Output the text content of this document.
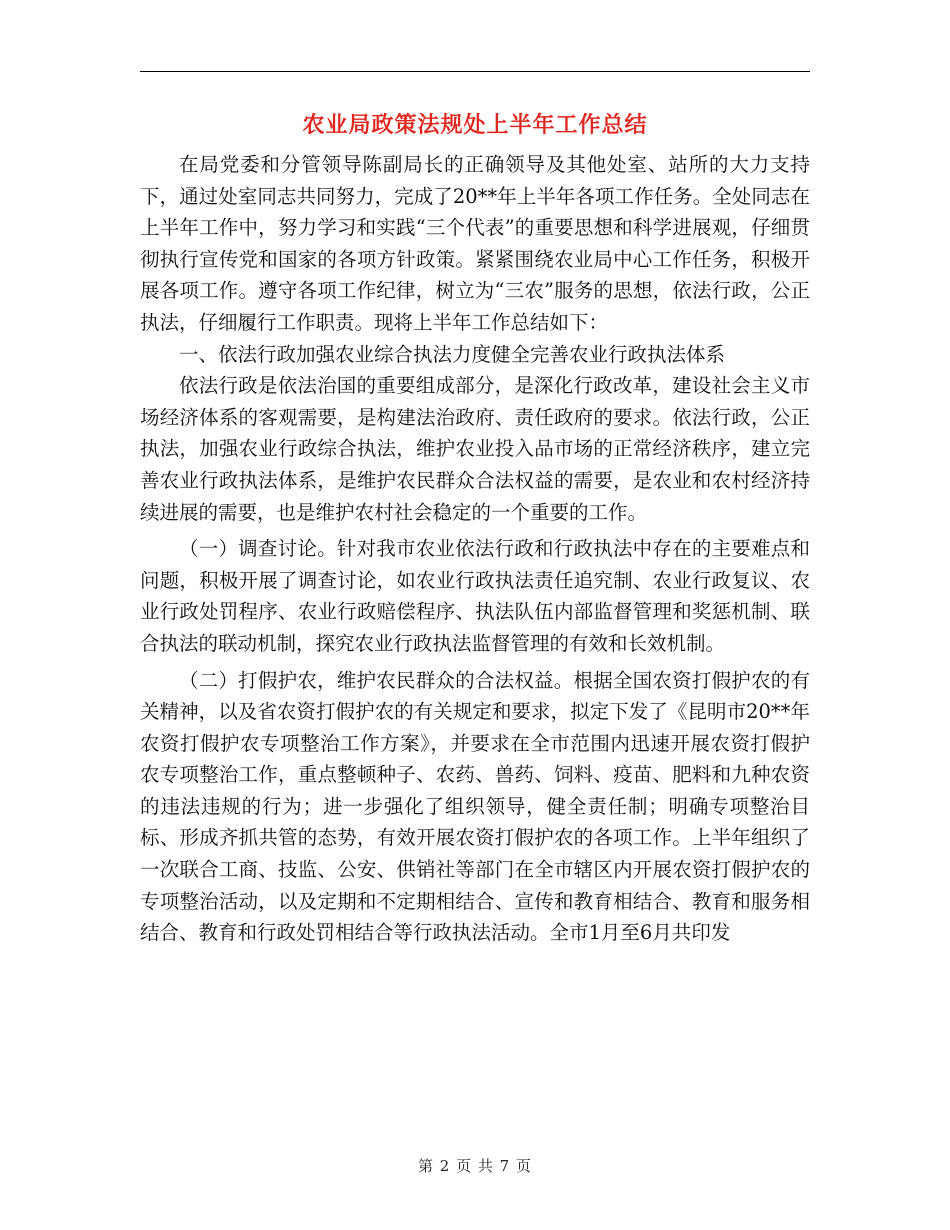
农业局政策法规处上半年工作总结

在局党委和分管领导陈副局长的正确领导及其他处室、站所的大力支持下，通过处室同志共同努力，完成了20**年上半年各项工作任务。全处同志在上半年工作中，努力学习和实践“三个代表”的重要思想和科学进展观，仔细贯彻执行宣传党和国家的各项方针政策。紧紧围绕农业局中心工作任务，积极开展各项工作。遵守各项工作纪律，树立为“三农”服务的思想，依法行政，公正执法，仔细履行工作职责。现将上半年工作总结如下：

一、依法行政加强农业综合执法力度健全完善农业行政执法体系

依法行政是依法治国的重要组成部分，是深化行政改革，建设社会主义市场经济体系的客观需要，是构建法治政府、责任政府的要求。依法行政，公正执法，加强农业行政综合执法，维护农业投入品市场的正常经济秩序，建立完善农业行政执法体系，是维护农民群众合法权益的需要，是农业和农村经济持续进展的需要，也是维护农村社会稳定的一个重要的工作。

（一）调查讨论。针对我市农业依法行政和行政执法中存在的主要难点和问题，积极开展了调查讨论，如农业行政执法责任追究制、农业行政复议、农业行政处罚程序、农业行政赔偿程序、执法队伍内部监督管理和奖惩机制、联合执法的联动机制，探究农业行政执法监督管理的有效和长效机制。

（二）打假护农，维护农民群众的合法权益。根据全国农资打假护农的有关精神，以及省农资打假护农的有关规定和要求，拟定下发了《昆明市20**年农资打假护农专项整治工作方案》，并要求在全市范围内迅速开展农资打假护农专项整治工作，重点整顿种子、农药、兽药、饲料、疫苗、肥料和九种农资的违法违规的行为；进一步强化了组织领导，健全责任制；明确专项整治目标、形成齐抓共管的态势，有效开展农资打假护农的各项工作。上半年组织了一次联合工商、技监、公安、供销社等部门在全市辖区内开展农资打假护农的专项整治活动，以及定期和不定期相结合、宣传和教育相结合、教育和服务相结合、教育和行政处罚相结合等行政执法活动。全市1月至6月共印发

第 2 页 共 7 页
